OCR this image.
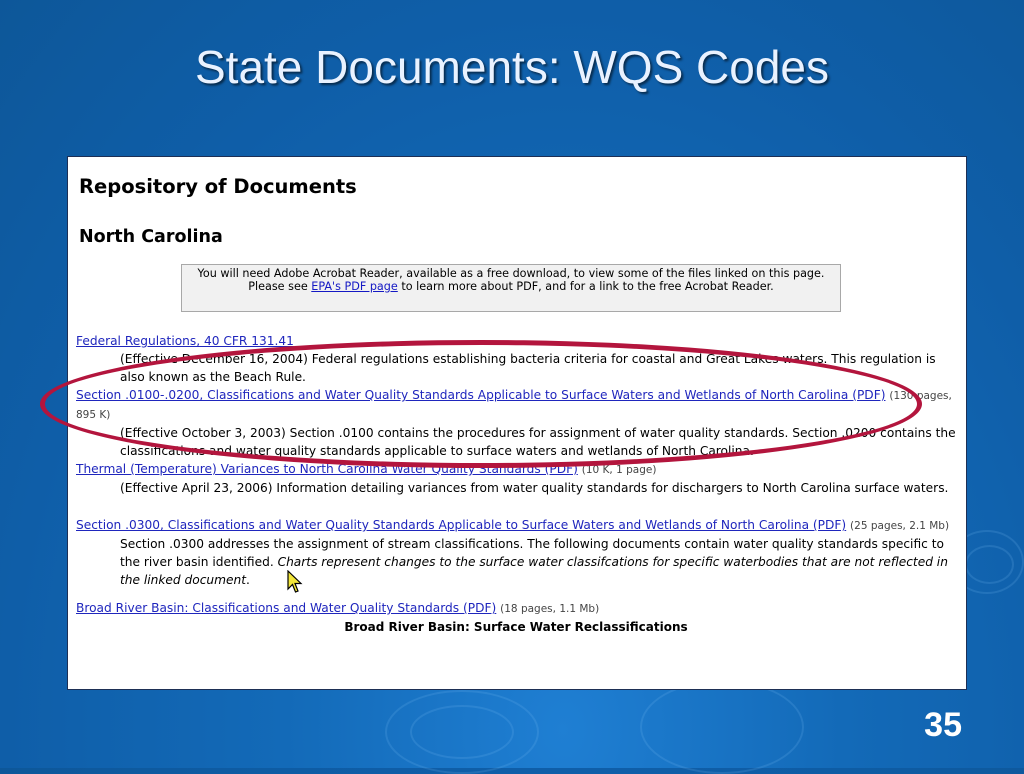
State Documents: WQS Codes
Repository of Documents
North Carolina
You will need Adobe Acrobat Reader, available as a free download, to view some of the files linked on this page. Please see EPA's PDF page to learn more about PDF, and for a link to the free Acrobat Reader.
Federal Regulations, 40 CFR 131.41
(Effective December 16, 2004) Federal regulations establishing bacteria criteria for coastal and Great Lakes waters. This regulation is also known as the Beach Rule.
Section .0100-.0200, Classifications and Water Quality Standards Applicable to Surface Waters and Wetlands of North Carolina (PDF) (130 pages, 895 K)
(Effective October 3, 2003) Section .0100 contains the procedures for assignment of water quality standards. Section .0200 contains the classifications and water quality standards applicable to surface waters and wetlands of North Carolina.
Thermal (Temperature) Variances to North Carolina Water Quality Standards (PDF) (10 K, 1 page)
(Effective April 23, 2006) Information detailing variances from water quality standards for dischargers to North Carolina surface waters.
Section .0300, Classifications and Water Quality Standards Applicable to Surface Waters and Wetlands of North Carolina (PDF) (25 pages, 2.1 Mb)
Section .0300 addresses the assignment of stream classifications. The following documents contain water quality standards specific to the river basin identified. Charts represent changes to the surface water classifcations for specific waterbodies that are not reflected in the linked document.
Broad River Basin: Classifications and Water Quality Standards (PDF) (18 pages, 1.1 Mb)
Broad River Basin: Surface Water Reclassifications
35
